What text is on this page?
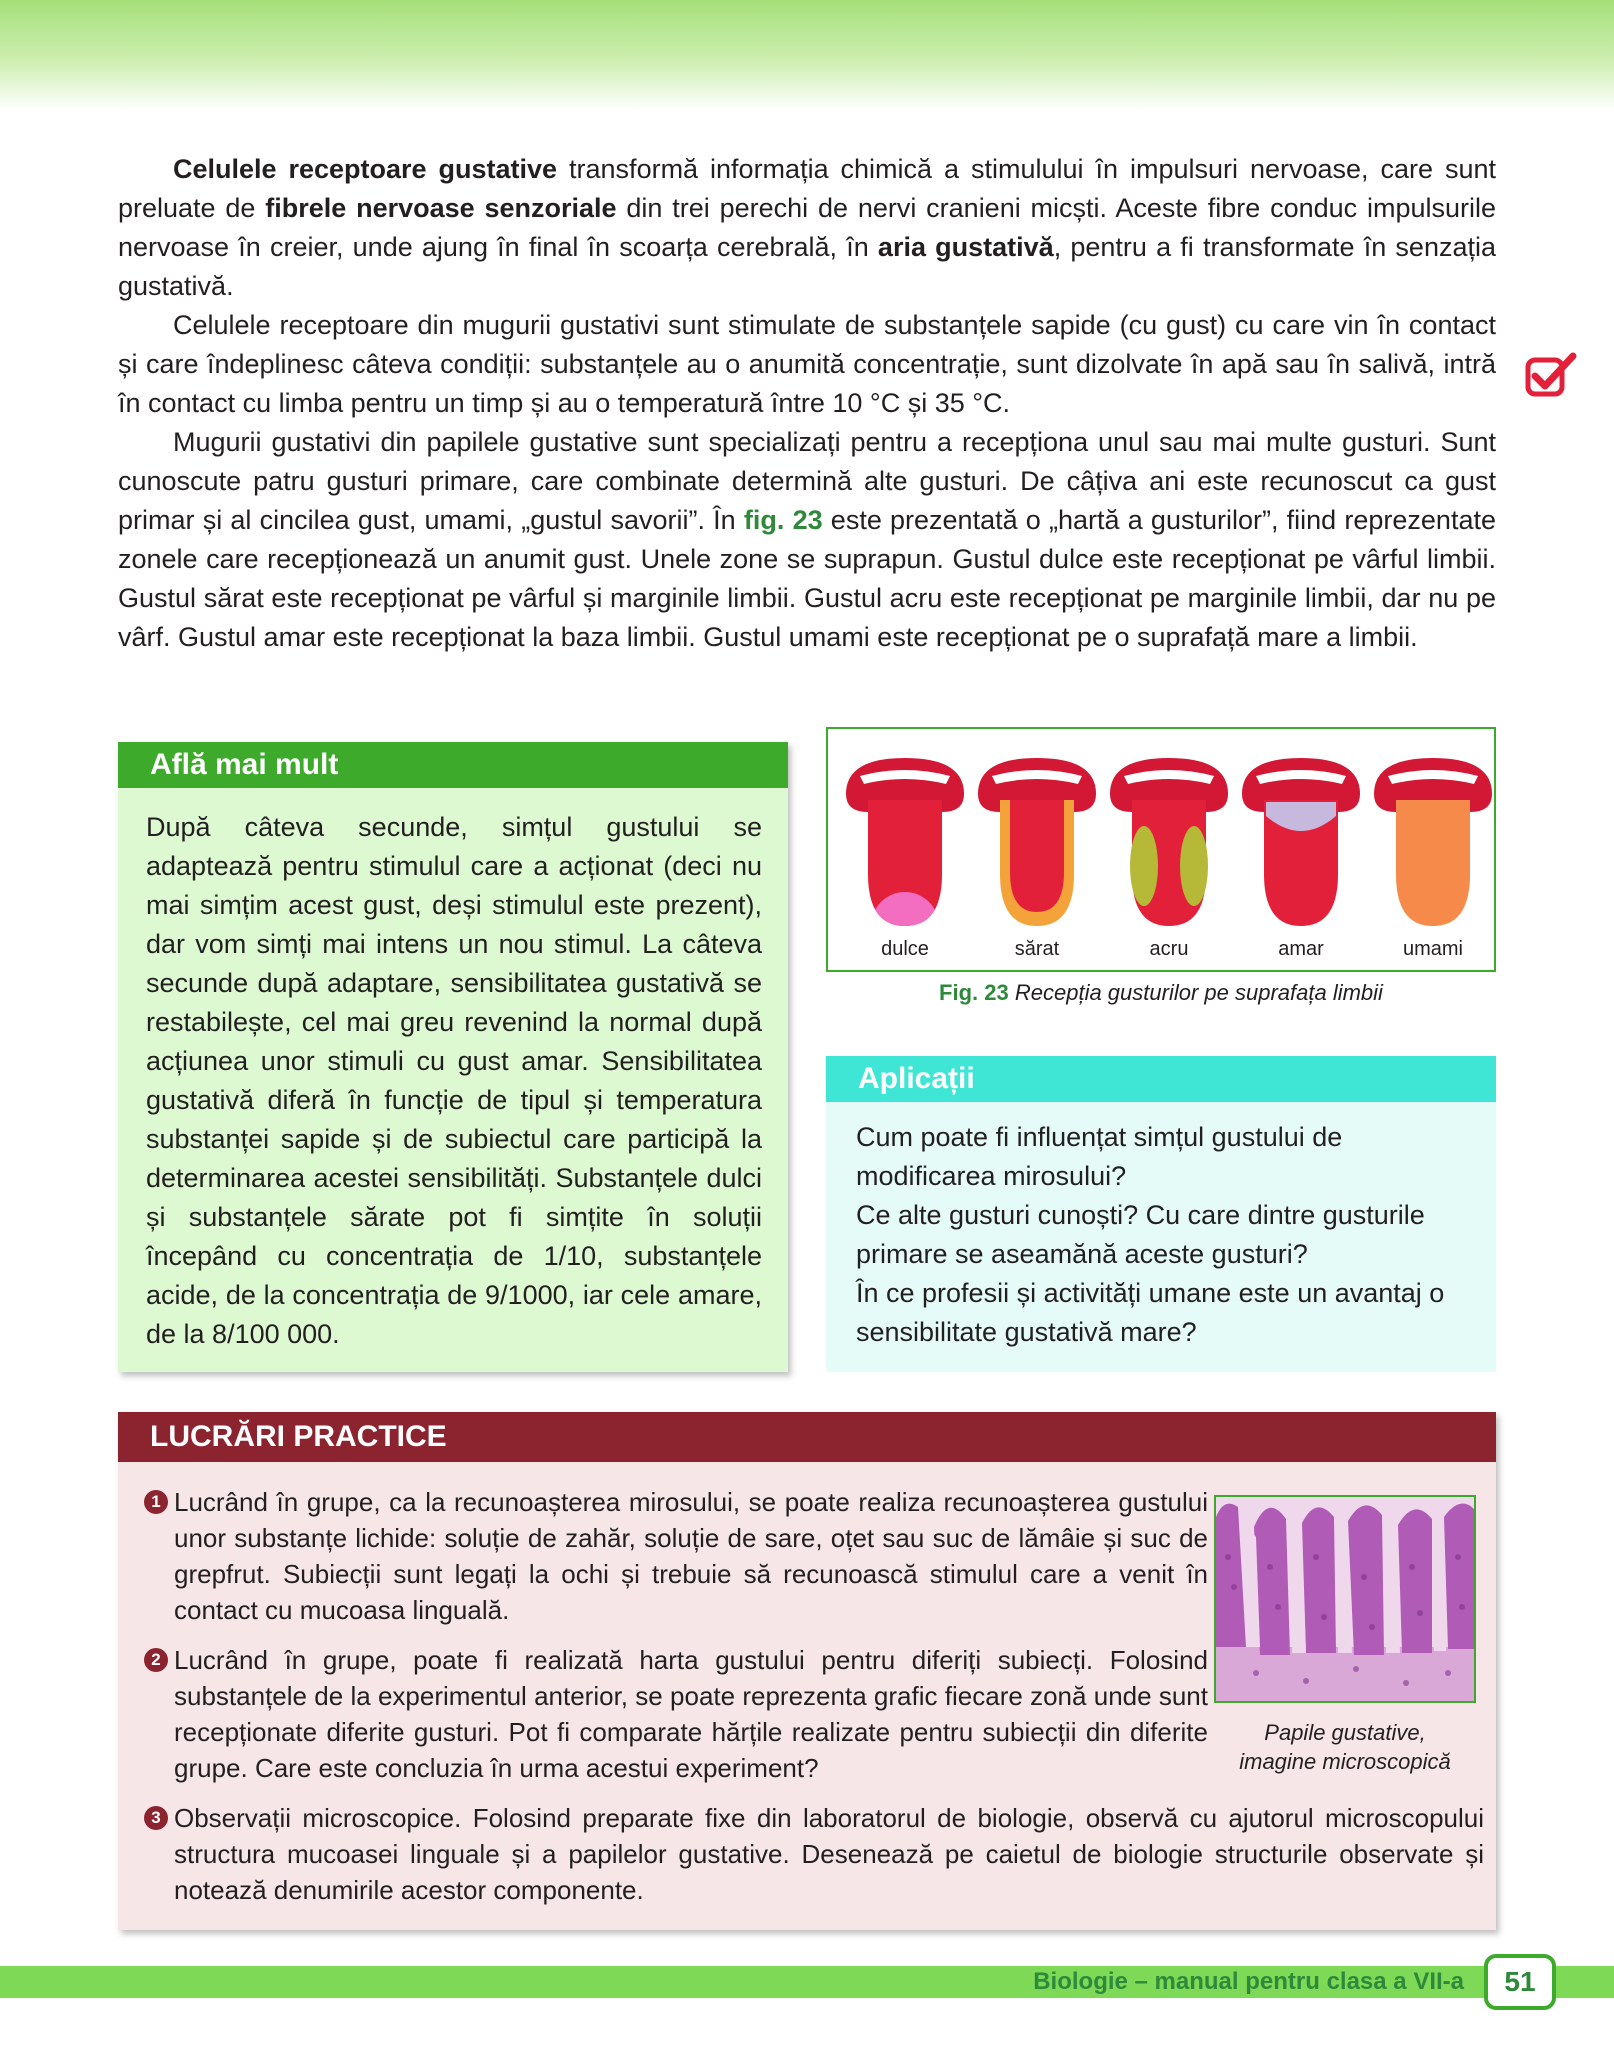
Celulele receptoare gustative transformă informația chimică a stimulului în impulsuri nervoase, care sunt preluate de fibrele nervoase senzoriale din trei perechi de nervi cranieni micști. Aceste fibre conduc impulsurile nervoase în creier, unde ajung în final în scoarța cerebrală, în aria gustativă, pentru a fi transformate în senzația gustativă.

Celulele receptoare din mugurii gustativi sunt stimulate de substanțele sapide (cu gust) cu care vin în contact și care îndeplinesc câteva condiții: substanțele au o anumită concentrație, sunt dizolvate în apă sau în salivă, intră în contact cu limba pentru un timp și au o temperatură între 10 °C și 35 °C.

Mugurii gustativi din papilele gustative sunt specializați pentru a recepționa unul sau mai multe gusturi. Sunt cunoscute patru gusturi primare, care combinate determină alte gusturi. De câțiva ani este recunoscut ca gust primar și al cincilea gust, umami, „gustul savorii”. În fig. 23 este prezentată o „hartă a gusturilor”, fiind reprezentate zonele care recepționează un anumit gust. Unele zone se suprapun. Gustul dulce este recepționat pe vârful limbii. Gustul sărat este recepționat pe vârful și marginile limbii. Gustul acru este recepționat pe marginile limbii, dar nu pe vârf. Gustul amar este recepționat la baza limbii. Gustul umami este recepționat pe o suprafață mare a limbii.

Află mai mult
După câteva secunde, simțul gustului se adaptează pentru stimulul care a acționat (deci nu mai simțim acest gust, deși stimulul este prezent), dar vom simți mai intens un nou stimul. La câteva secunde după adaptare, sensibilitatea gustativă se restabilește, cel mai greu revenind la normal după acțiunea unor stimuli cu gust amar. Sensibilitatea gustativă diferă în funcție de tipul și temperatura substanței sapide și de subiectul care participă la determinarea acestei sensibilități. Substanțele dulci și substanțele sărate pot fi simțite în soluții începând cu concentrația de 1/10, substanțele acide, de la concentrația de 9/1000, iar cele amare, de la 8/100 000.
dulce	sărat	acru	amar	umami
Fig. 23 Recepția gusturilor pe suprafața limbii
Aplicații

Cum poate fi influențat simțul gustului de modificarea mirosului?

Ce alte gusturi cunoști? Cu care dintre gusturile primare se aseamănă aceste gusturi?

În ce profesii și activități umane este un avantaj o sensibilitate gustativă mare?

LUCRĂRI PRACTICE
1 Lucrând în grupe, ca la recunoașterea mirosului, se poate realiza recunoașterea gustului unor substanțe lichide: soluție de zahăr, soluție de sare, oțet sau suc de lămâie și suc de grepfrut. Subiecții sunt legați la ochi și trebuie să recunoască stimulul care a venit în contact cu mucoasa linguală.
2 Lucrând în grupe, poate fi realizată harta gustului pentru diferiți subiecți. Folosind substanțele de la experimentul anterior, se poate reprezenta grafic fiecare zonă unde sunt recepționate diferite gusturi. Pot fi comparate hărțile realizate pentru subiecții din diferite grupe. Care este concluzia în urma acestui experiment?
3 Observații microscopice. Folosind preparate fixe din laboratorul de biologie, observă cu ajutorul microscopului structura mucoasei linguale și a papilelor gustative. Desenează pe caietul de biologie structurile observate și notează denumirile acestor componente.
Papile gustative,
imagine microscopică
Biologie – manual pentru clasa a VII-a	51
